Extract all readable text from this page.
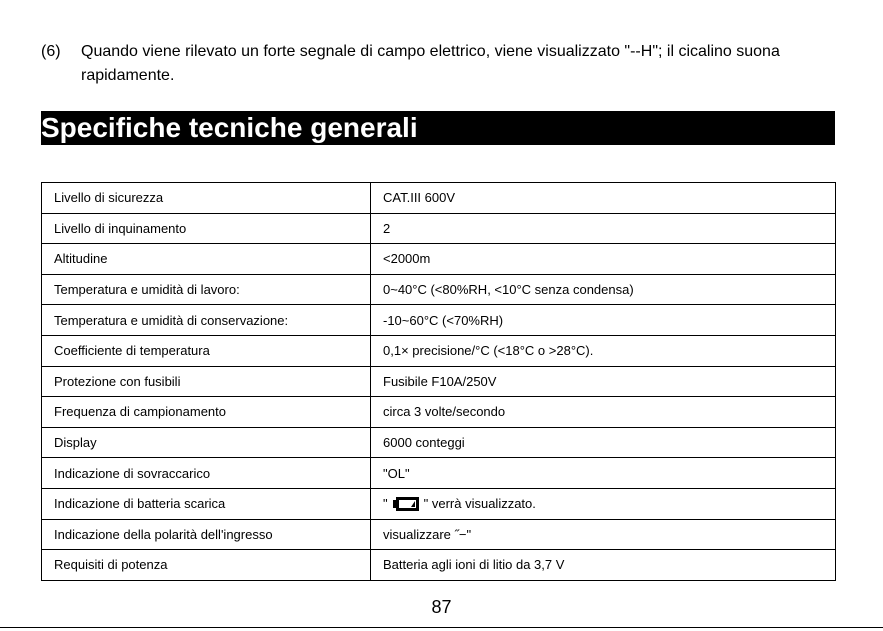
(6) Quando viene rilevato un forte segnale di campo elettrico, viene visualizzato "--H"; il cicalino suona
rapidamente.
Specifiche tecniche generali
Livello di sicurezza	CAT.III 600V
Livello di inquinamento	2
Altitudine	<2000m
Temperatura e umidità di lavoro:	0~40°C (<80%RH, <10°C senza condensa)
Temperatura e umidità di conservazione:	-10~60°C (<70%RH)
Coefficiente di temperatura	0,1× precisione/°C (<18°C o >28°C).
Protezione con fusibili	Fusibile F10A/250V
Frequenza di campionamento	circa 3 volte/secondo
Display	6000 conteggi
Indicazione di sovraccarico	"OL"
Indicazione di batteria scarica	" " verrà visualizzato.
Indicazione della polarità dell'ingresso	visualizzare ˝−"
Requisiti di potenza	Batteria agli ioni di litio da 3,7 V
87
